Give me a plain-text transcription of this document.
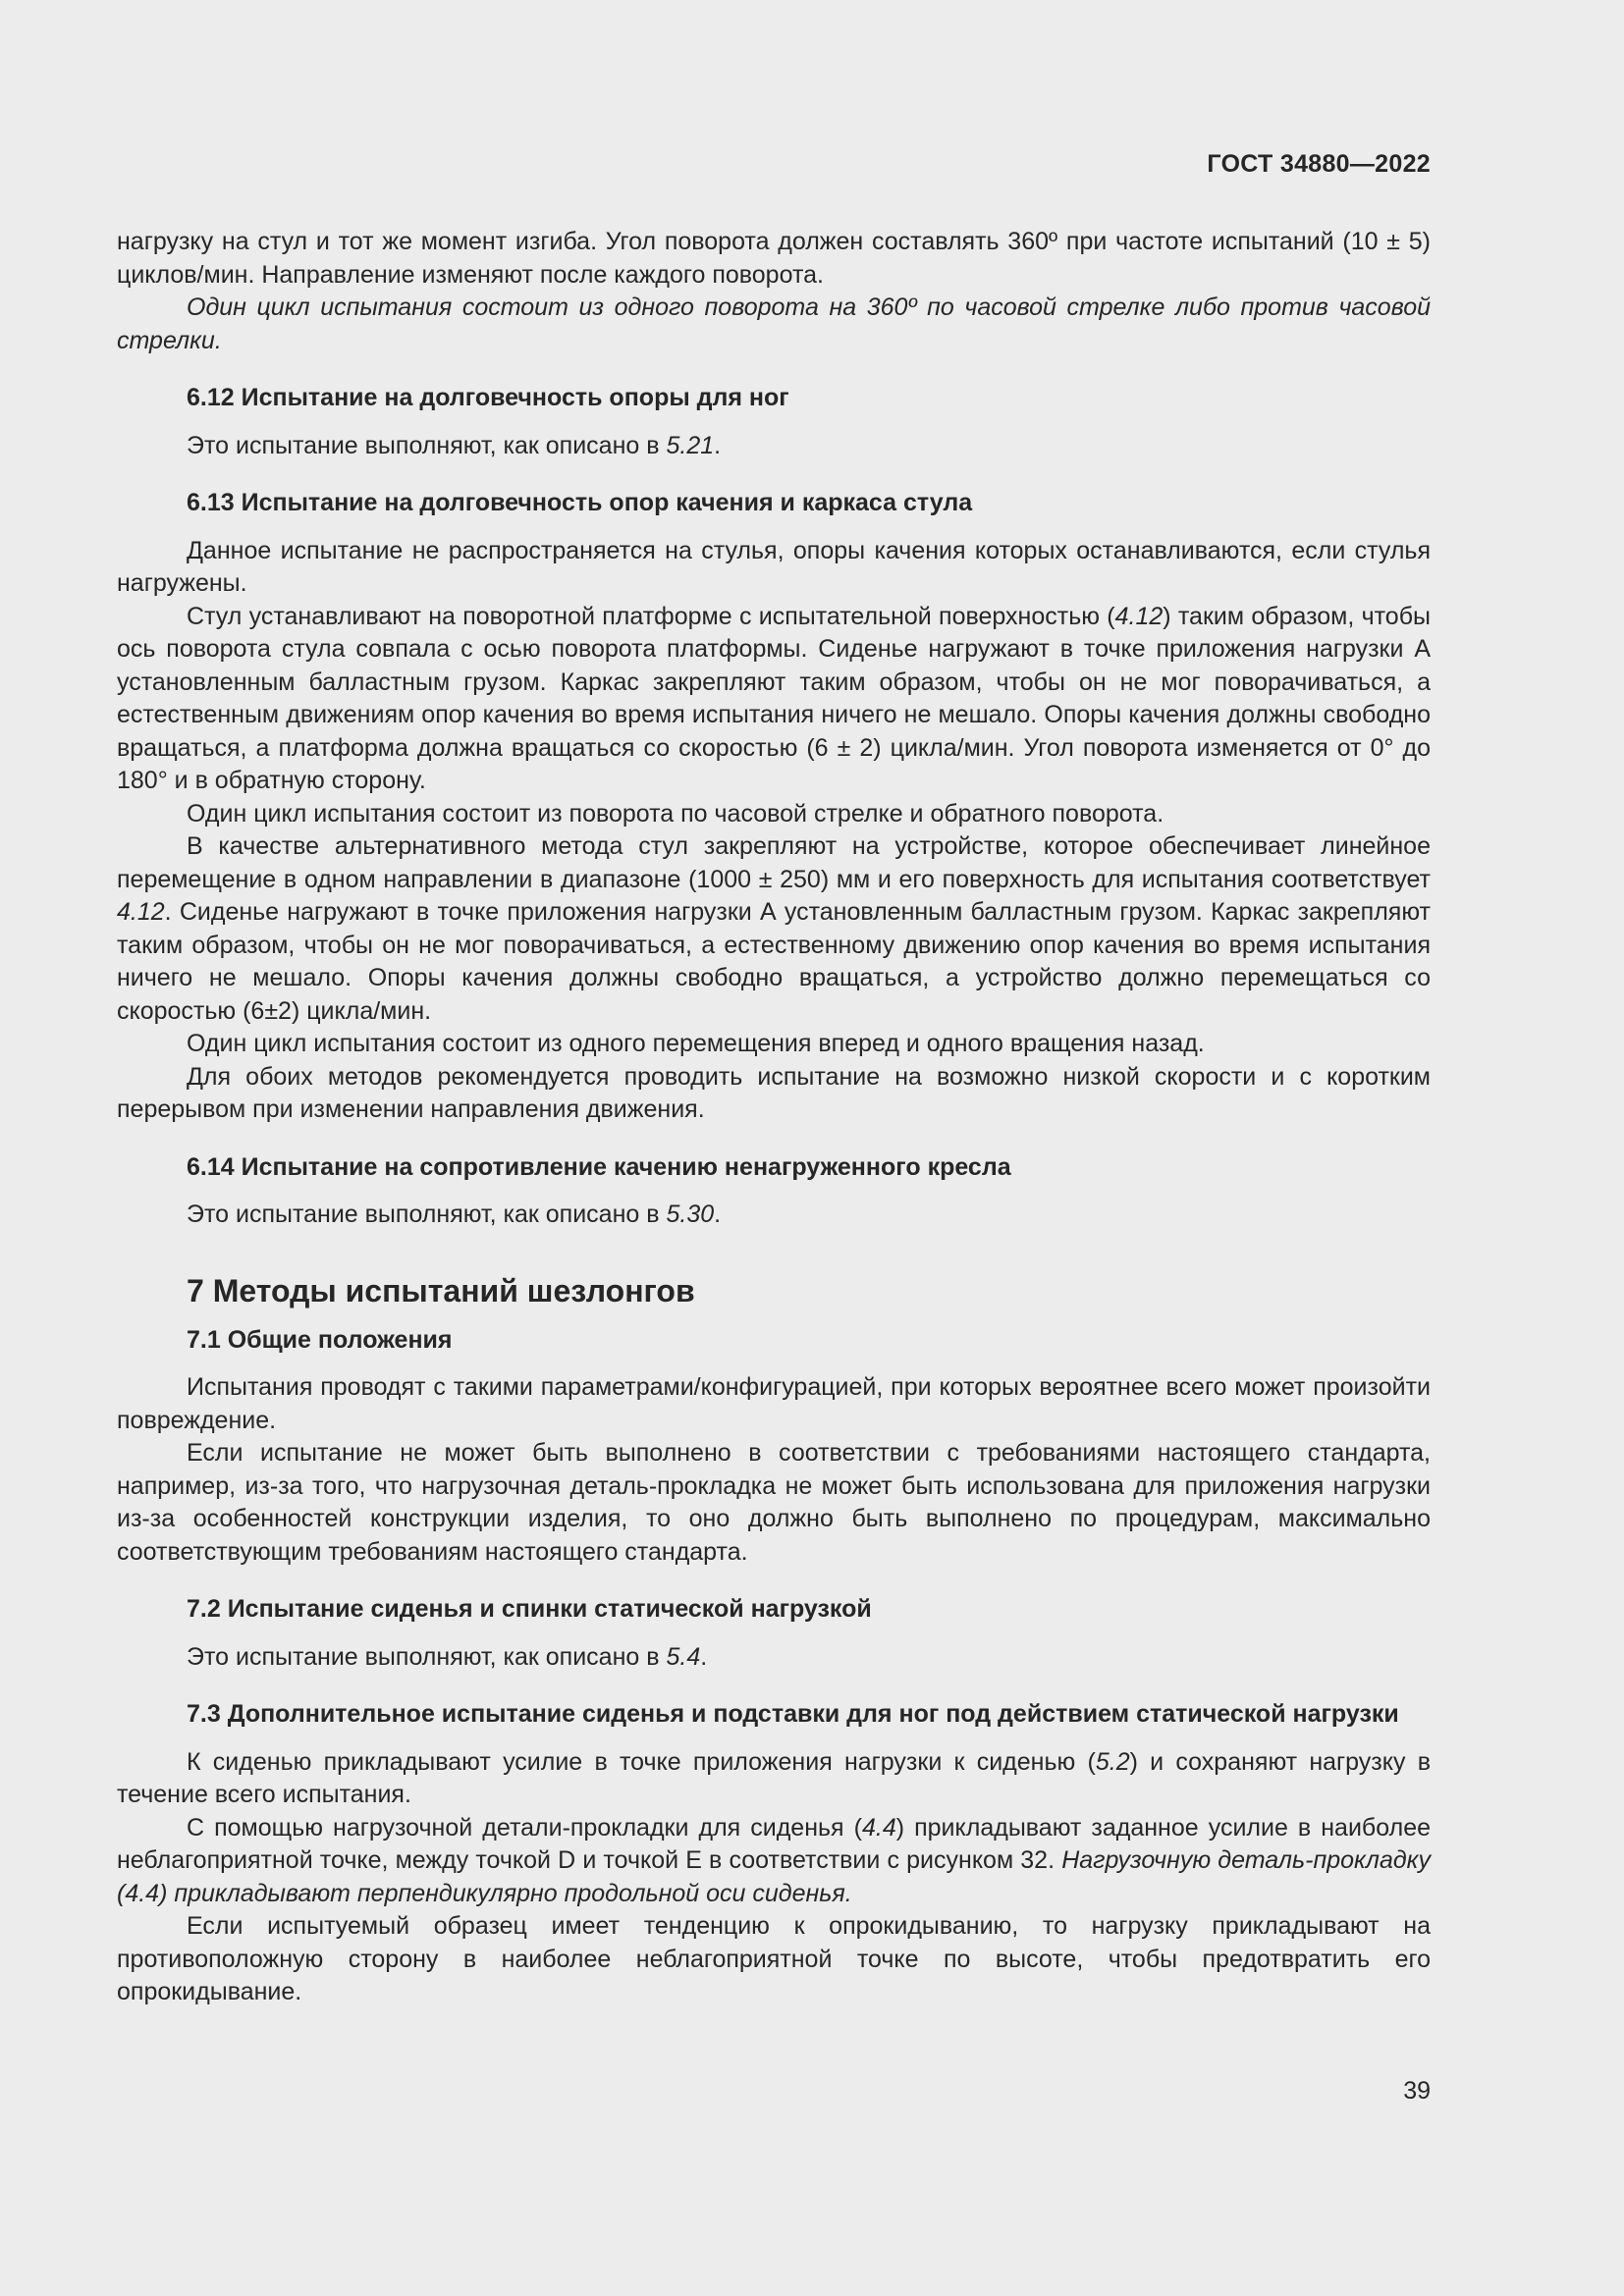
ГОСТ 34880—2022

нагрузку на стул и тот же момент изгиба. Угол поворота должен составлять 360º при частоте испытаний (10 ± 5) циклов/мин. Направление изменяют после каждого поворота.

Один цикл испытания состоит из одного поворота на 360º по часовой стрелке либо против часовой стрелки.

6.12 Испытание на долговечность опоры для ног

Это испытание выполняют, как описано в 5.21.

6.13 Испытание на долговечность опор качения и каркаса стула

Данное испытание не распространяется на стулья, опоры качения которых останавливаются, если стулья нагружены.

Стул устанавливают на поворотной платформе с испытательной поверхностью (4.12) таким образом, чтобы ось поворота стула совпала с осью поворота платформы. Сиденье нагружают в точке приложения нагрузки А установленным балластным грузом. Каркас закрепляют таким образом, чтобы он не мог поворачиваться, а естественным движениям опор качения во время испытания ничего не мешало. Опоры качения должны свободно вращаться, а платформа должна вращаться со скоростью (6 ± 2) цикла/мин. Угол поворота изменяется от 0° до 180° и в обратную сторону.

Один цикл испытания состоит из поворота по часовой стрелке и обратного поворота.

В качестве альтернативного метода стул закрепляют на устройстве, которое обеспечивает линейное перемещение в одном направлении в диапазоне (1000 ± 250) мм и его поверхность для испытания соответствует 4.12. Сиденье нагружают в точке приложения нагрузки А установленным балластным грузом. Каркас закрепляют таким образом, чтобы он не мог поворачиваться, а естественному движению опор качения во время испытания ничего не мешало. Опоры качения должны свободно вращаться, а устройство должно перемещаться со скоростью (6±2) цикла/мин.

Один цикл испытания состоит из одного перемещения вперед и одного вращения назад.

Для обоих методов рекомендуется проводить испытание на возможно низкой скорости и с коротким перерывом при изменении направления движения.

6.14 Испытание на сопротивление качению ненагруженного кресла

Это испытание выполняют, как описано в 5.30.

7 Методы испытаний шезлонгов
7.1 Общие положения

Испытания проводят с такими параметрами/конфигурацией, при которых вероятнее всего может произойти повреждение.

Если испытание не может быть выполнено в соответствии с требованиями настоящего стандарта, например, из-за того, что нагрузочная деталь-прокладка не может быть использована для приложения нагрузки из-за особенностей конструкции изделия, то оно должно быть выполнено по процедурам, максимально соответствующим требованиям настоящего стандарта.

7.2 Испытание сиденья и спинки статической нагрузкой

Это испытание выполняют, как описано в 5.4.

7.3 Дополнительное испытание сиденья и подставки для ног под действием статической нагрузки

К сиденью прикладывают усилие в точке приложения нагрузки к сиденью (5.2) и сохраняют нагрузку в течение всего испытания.

С помощью нагрузочной детали-прокладки для сиденья (4.4) прикладывают заданное усилие в наиболее неблагоприятной точке, между точкой D и точкой Е в соответствии с рисунком 32. Нагрузочную деталь-прокладку (4.4) прикладывают перпендикулярно продольной оси сиденья.

Если испытуемый образец имеет тенденцию к опрокидыванию, то нагрузку прикладывают на противоположную сторону в наиболее неблагоприятной точке по высоте, чтобы предотвратить его опрокидывание.

39
